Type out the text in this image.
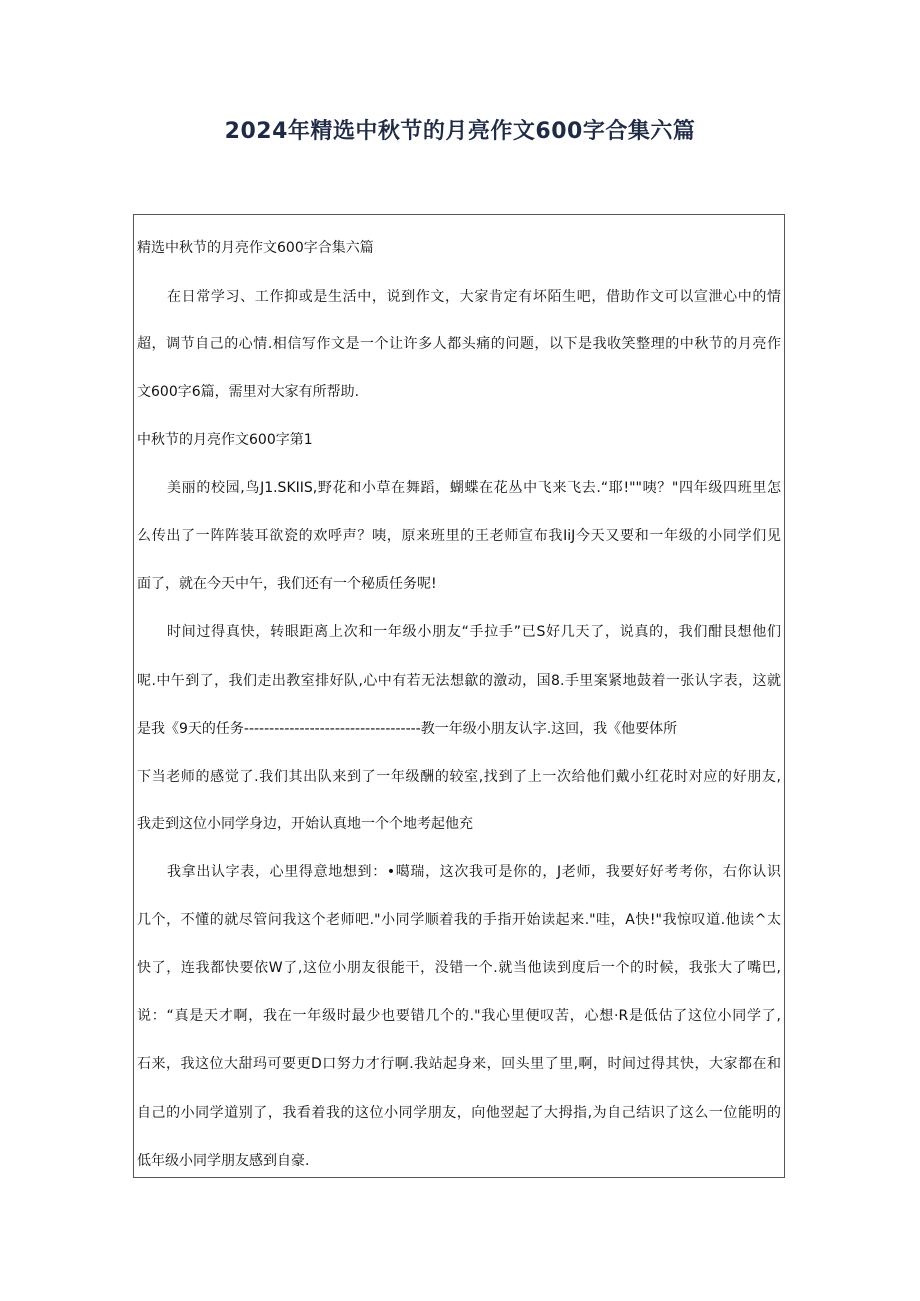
2024年精选中秋节的月亮作文600字合集六篇
精选中秋节的月亮作文600字合集六篇
在日常学习、工作抑或是生活中，说到作文，大家肯定有坏陌生吧，借助作文可以宣泄心中的情
超，调节自己的心情.相信写作文是一个让许多人都头痛的问题，以下是我收笑整理的中秋节的月亮作
文600字6篇，需里对大家有所帮助.
中秋节的月亮作文600字第1
美丽的校园,鸟J1.SKIIS,野花和小草在舞蹈，蝴蝶在花丛中飞来飞去.“耶!""咦？"四年级四班里怎
么传出了一阵阵装耳欲瓷的欢呼声？咦，原来班里的王老师宣布我IiJ今天又要和一年级的小同学们见
面了，就在今天中午，我们还有一个秘质任务呢!
时间过得真快，转眼距离上次和一年级小朋友“手拉手”已S好几天了，说真的，我们酣艮想他们
呢.中午到了，我们走出教室排好队,心中有若无法想歙的激动，国8.手里案紧地鼓着一张认字表，这就
是我《9天的任务-----------------------------------教一年级小朋友认字.这回，我《他要体所
下当老师的感觉了.我们其出队来到了一年级酬的较室,找到了上一次给他们戴小红花时对应的好朋友,
我走到这位小同学身边，开始认真地一个个地考起他充
我拿出认字表，心里得意地想到：•噶瑞，这次我可是你的，J老师，我要好好考考你，右你认识
几个，不懂的就尽管问我这个老师吧."小同学顺着我的手指开始读起来."哇，A快!"我惊叹道.他读^太
快了，连我都快要依W了,这位小朋友很能干，没错一个.就当他读到度后一个的时候，我张大了嘴巴,
说：“真是天才啊，我在一年级时最少也要错几个的."我心里便叹苦，心想·R是低估了这位小同学了,
石来，我这位大甜玛可要更D口努力才行啊.我站起身来，回头里了里,啊，时间过得其快，大家都在和
自己的小同学道别了，我看着我的这位小同学朋友，向他翌起了大拇指,为自己结识了这么一位能明的
低年级小同学朋友感到自豪.
